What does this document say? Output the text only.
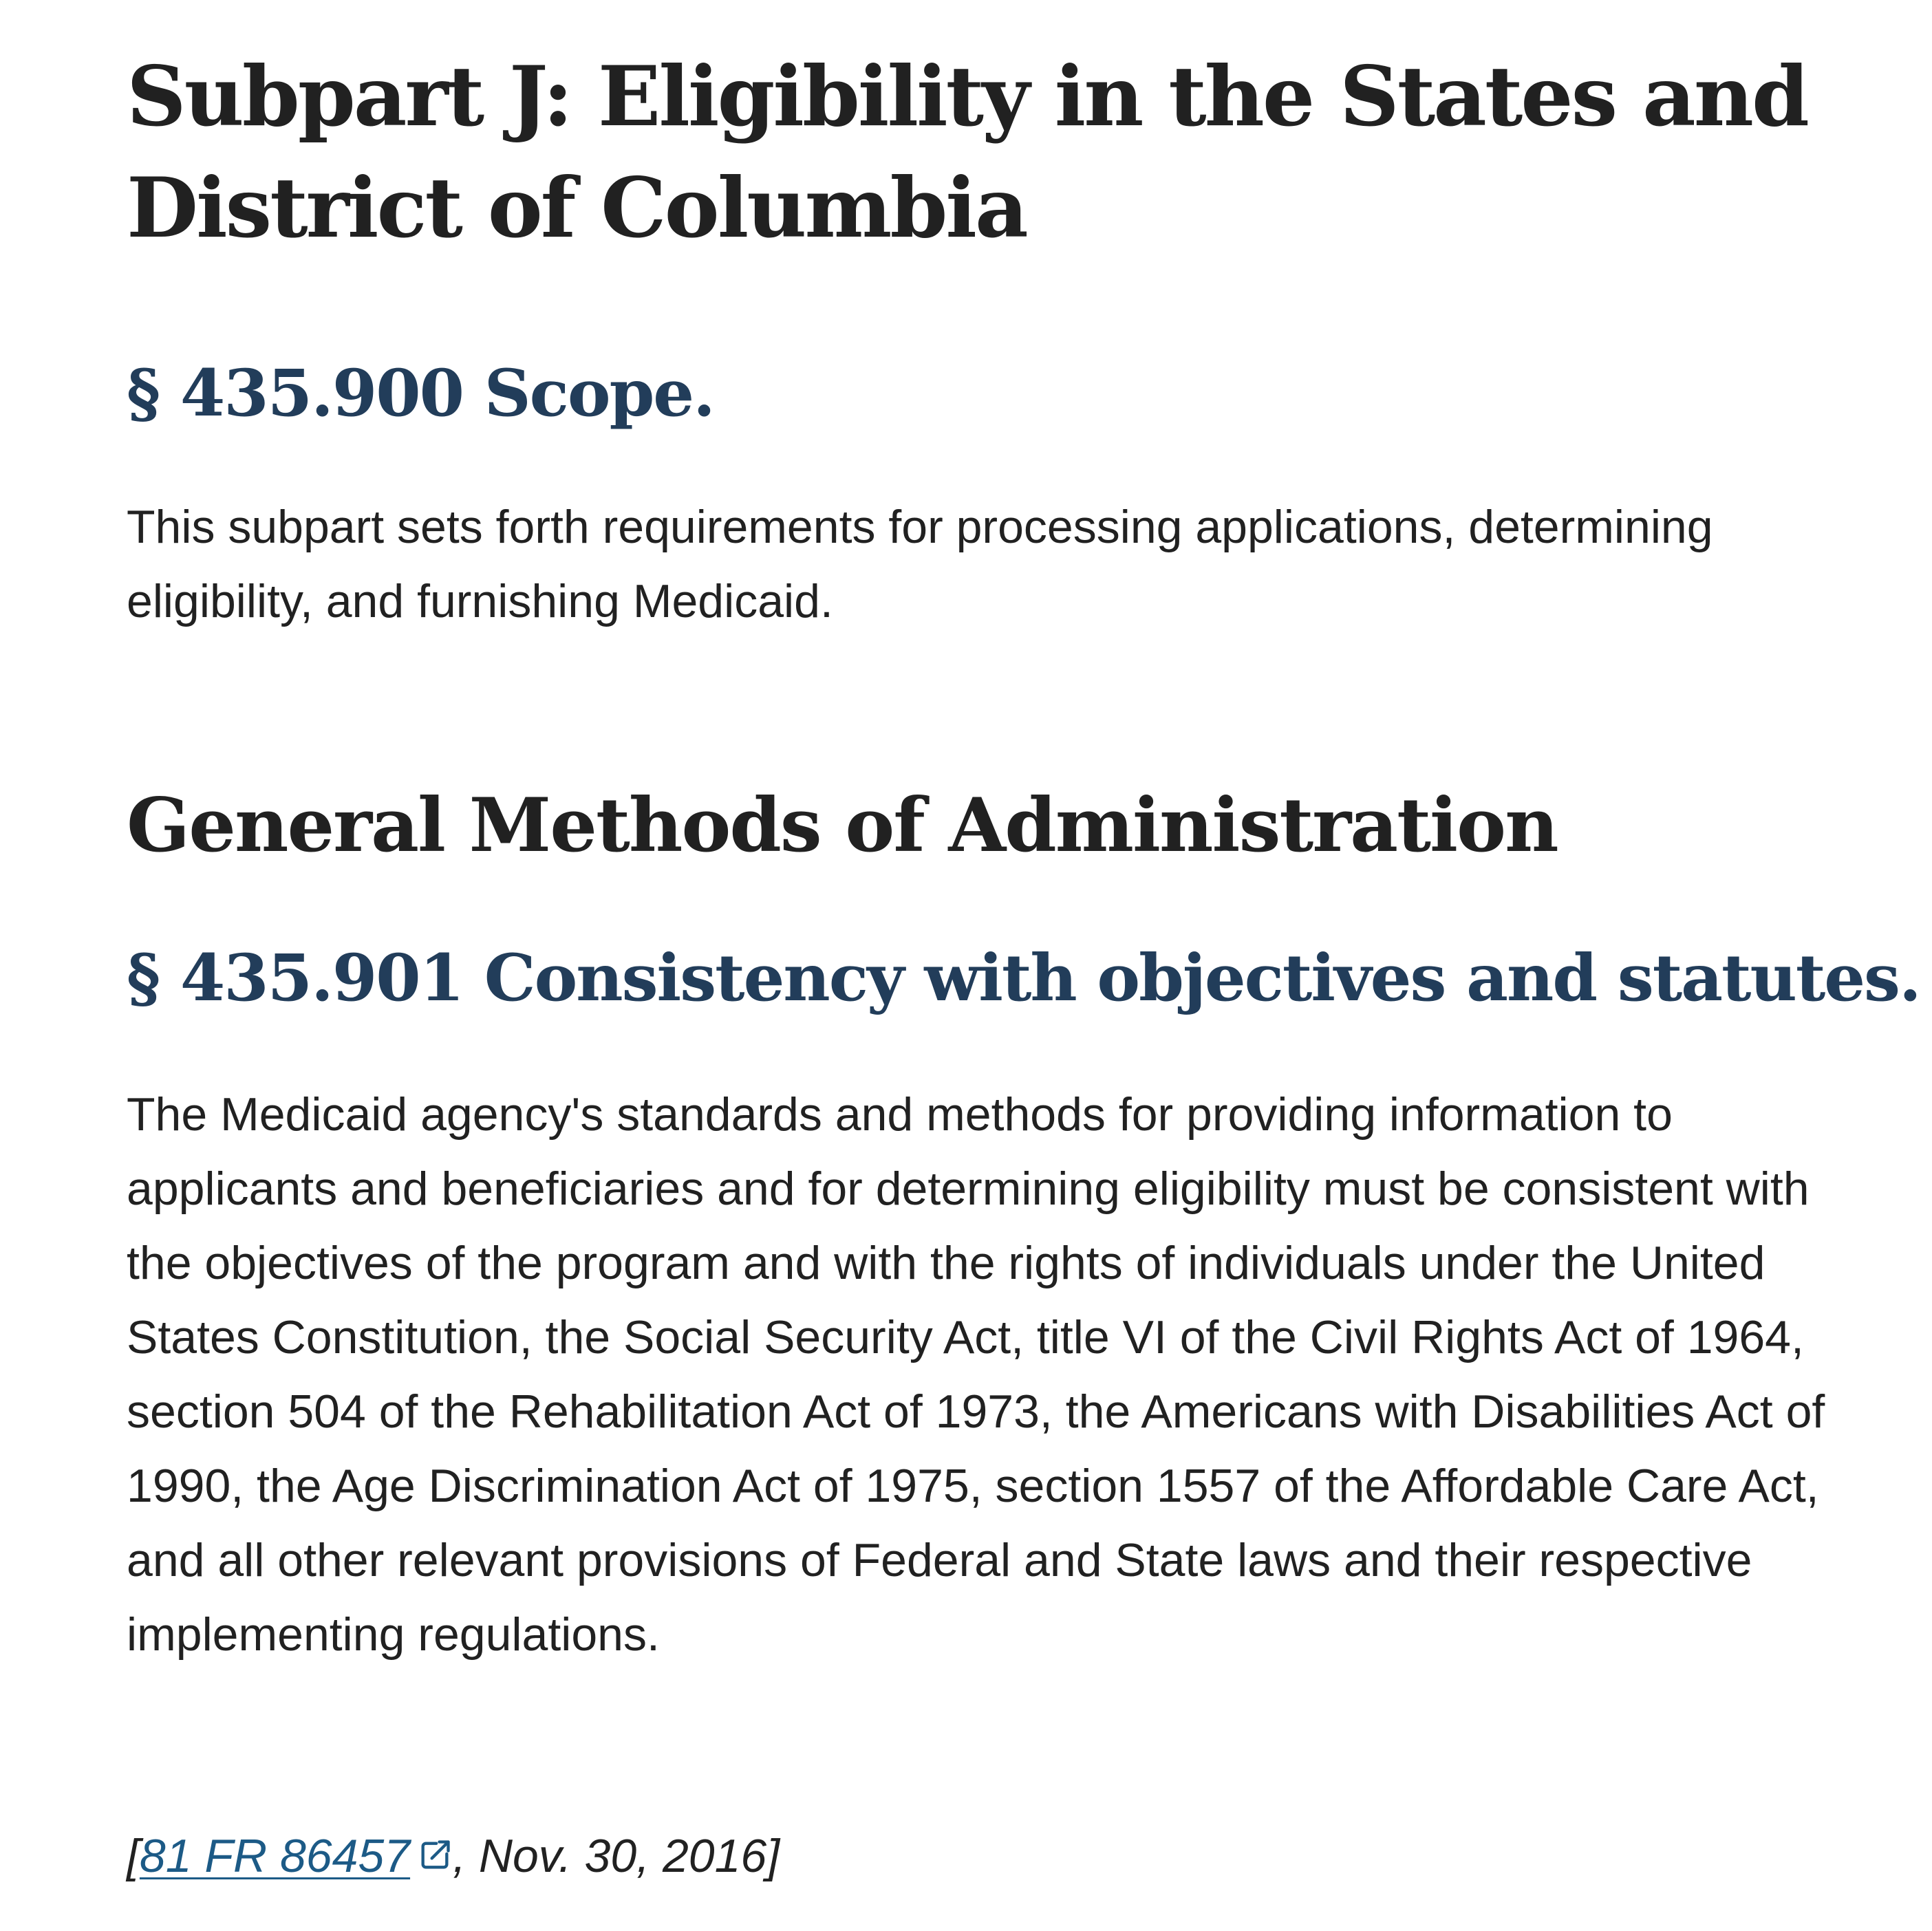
Subpart J: Eligibility in the States and District of Columbia
§ 435.900 Scope.

This subpart sets forth requirements for processing applications, determining eligibility, and furnishing Medicaid.

General Methods of Administration
§ 435.901 Consistency with objectives and statutes.

The Medicaid agency's standards and methods for providing information to applicants and beneficiaries and for determining eligibility must be consistent with the objectives of the program and with the rights of individuals under the United States Constitution, the Social Security Act, title VI of the Civil Rights Act of 1964, section 504 of the Rehabilitation Act of 1973, the Americans with Disabilities Act of 1990, the Age Discrimination Act of 1975, section 1557 of the Affordable Care Act, and all other relevant provisions of Federal and State laws and their respective implementing regulations.

[81 FR 86457 , Nov. 30, 2016]
